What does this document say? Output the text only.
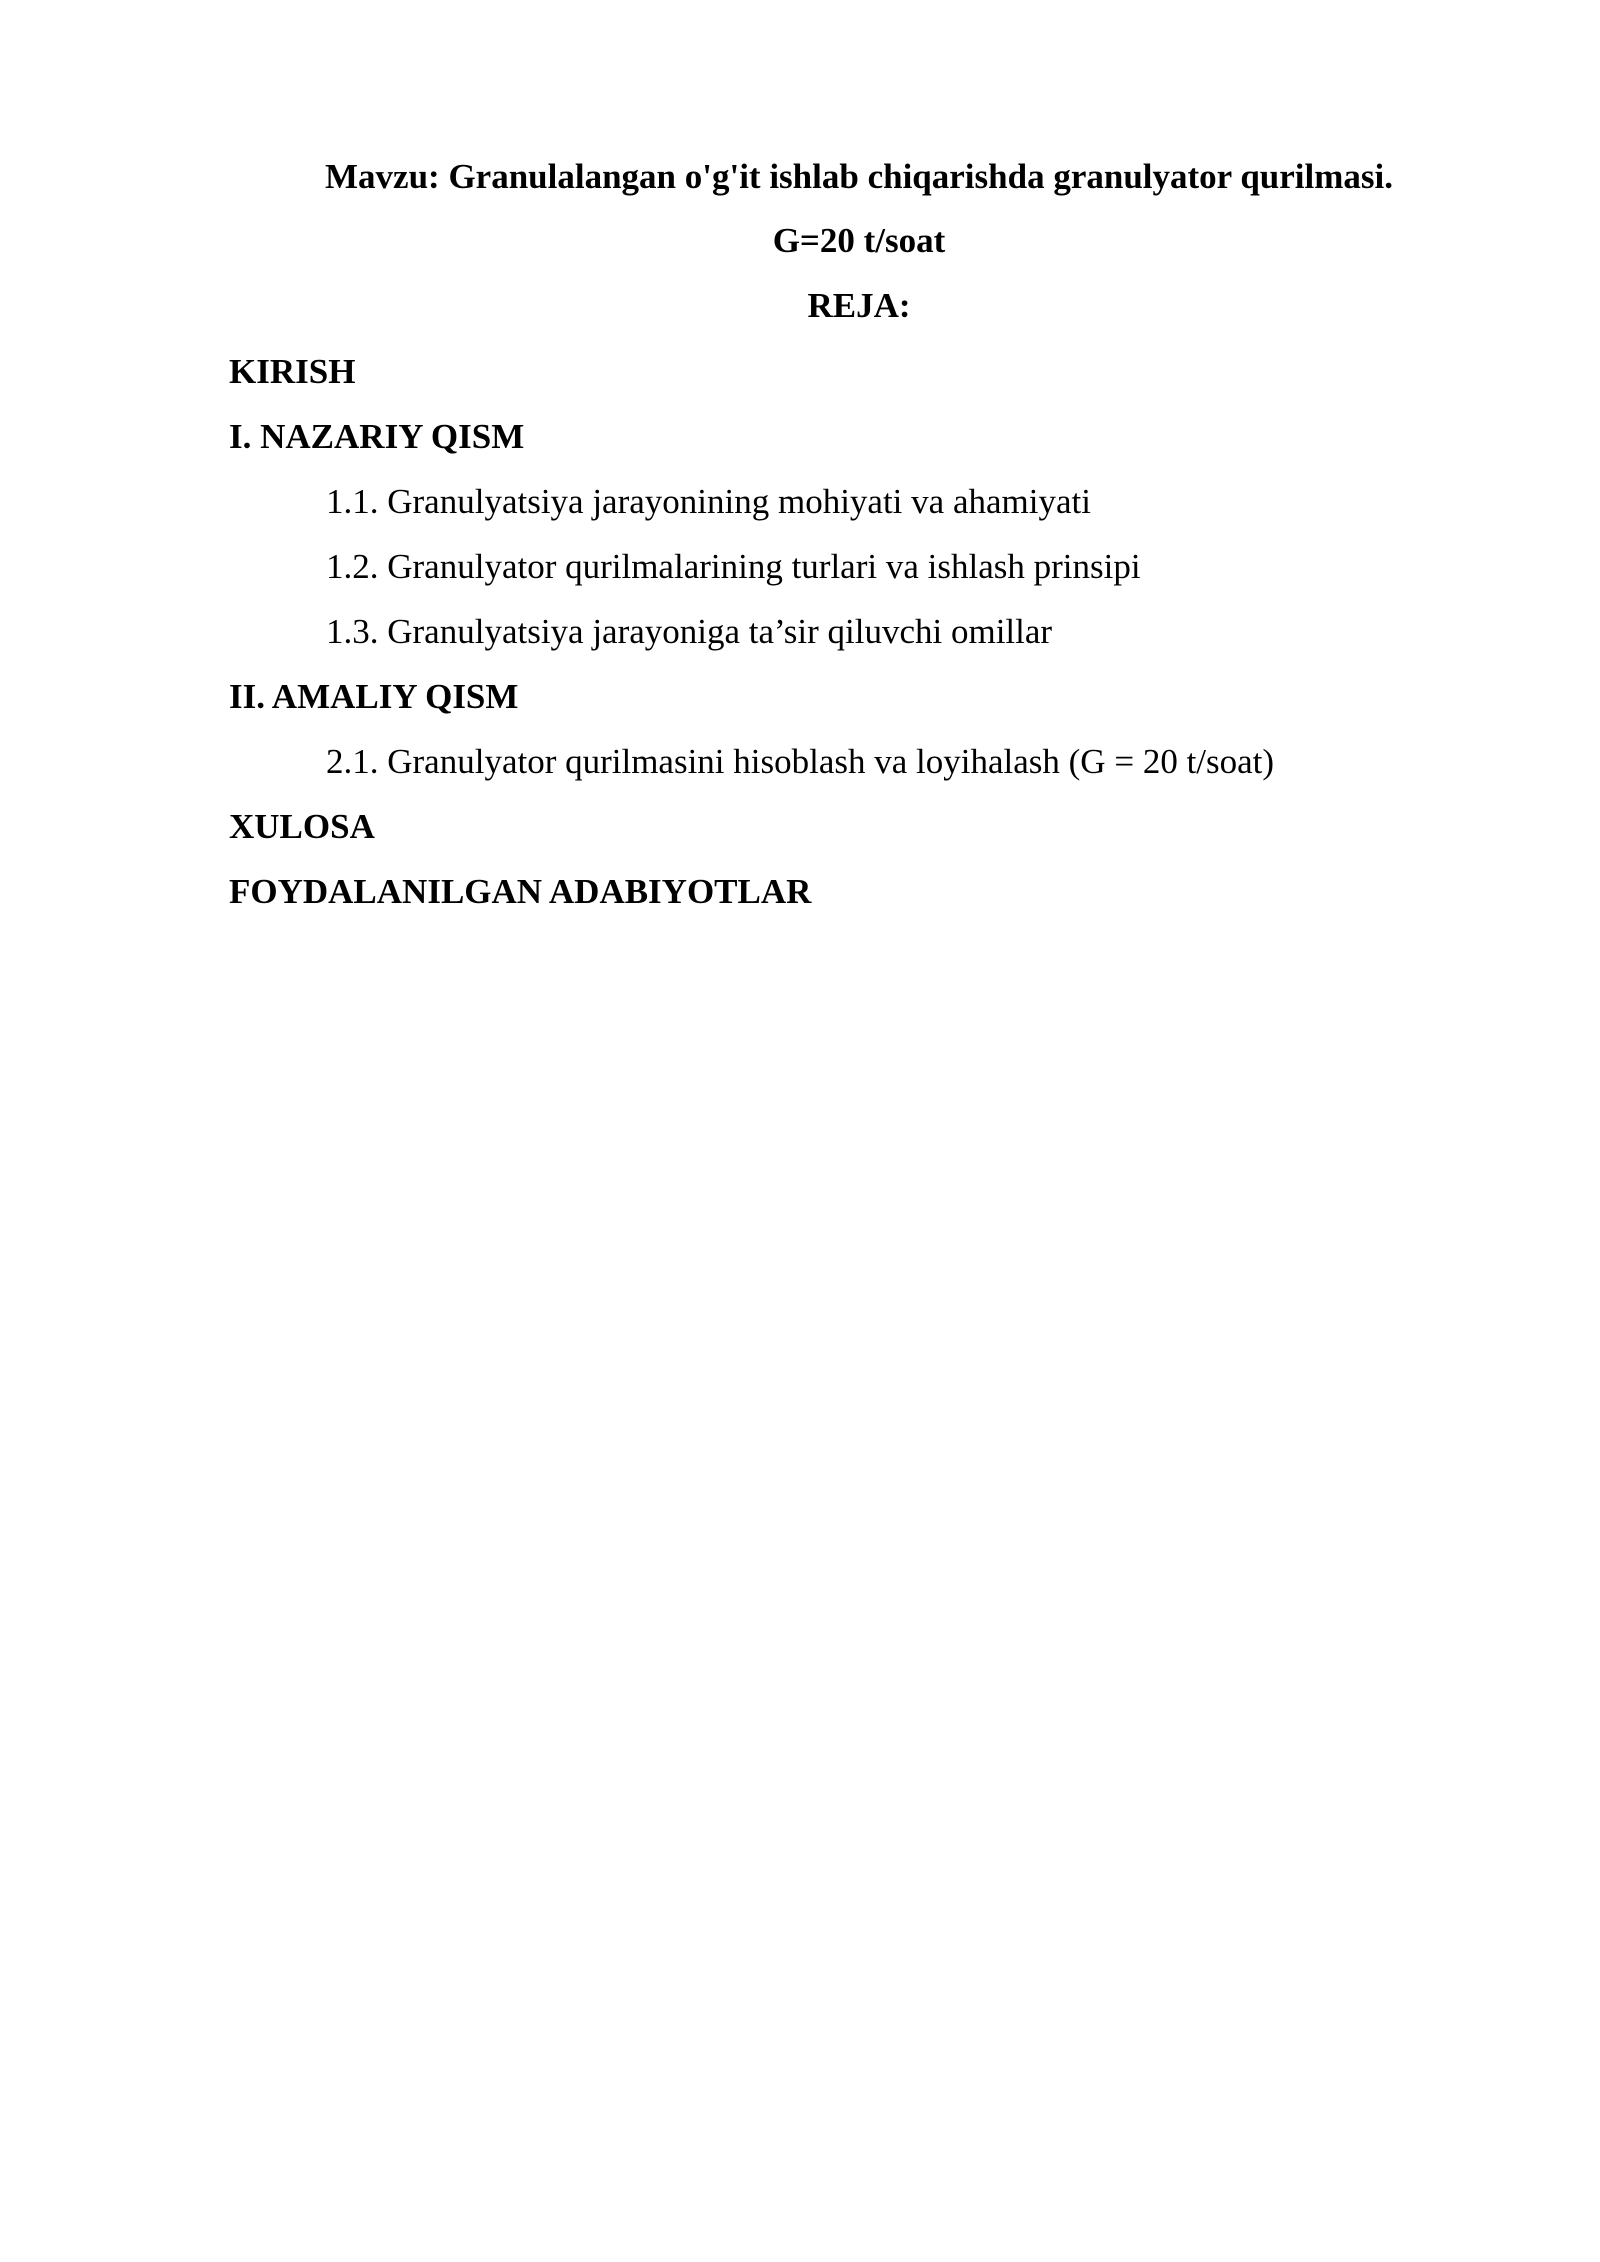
Mavzu: Granulalangan o'g'it ishlab chiqarishda granulyator qurilmasi.
G=20 t/soat
REJA:
KIRISH
I. NAZARIY QISM
1.1. Granulyatsiya jarayonining mohiyati va ahamiyati
1.2. Granulyator qurilmalarining turlari va ishlash prinsipi
1.3. Granulyatsiya jarayoniga ta’sir qiluvchi omillar
II. AMALIY QISM
2.1. Granulyator qurilmasini hisoblash va loyihalash (G = 20 t/soat)
XULOSA
FOYDALANILGAN ADABIYOTLAR
